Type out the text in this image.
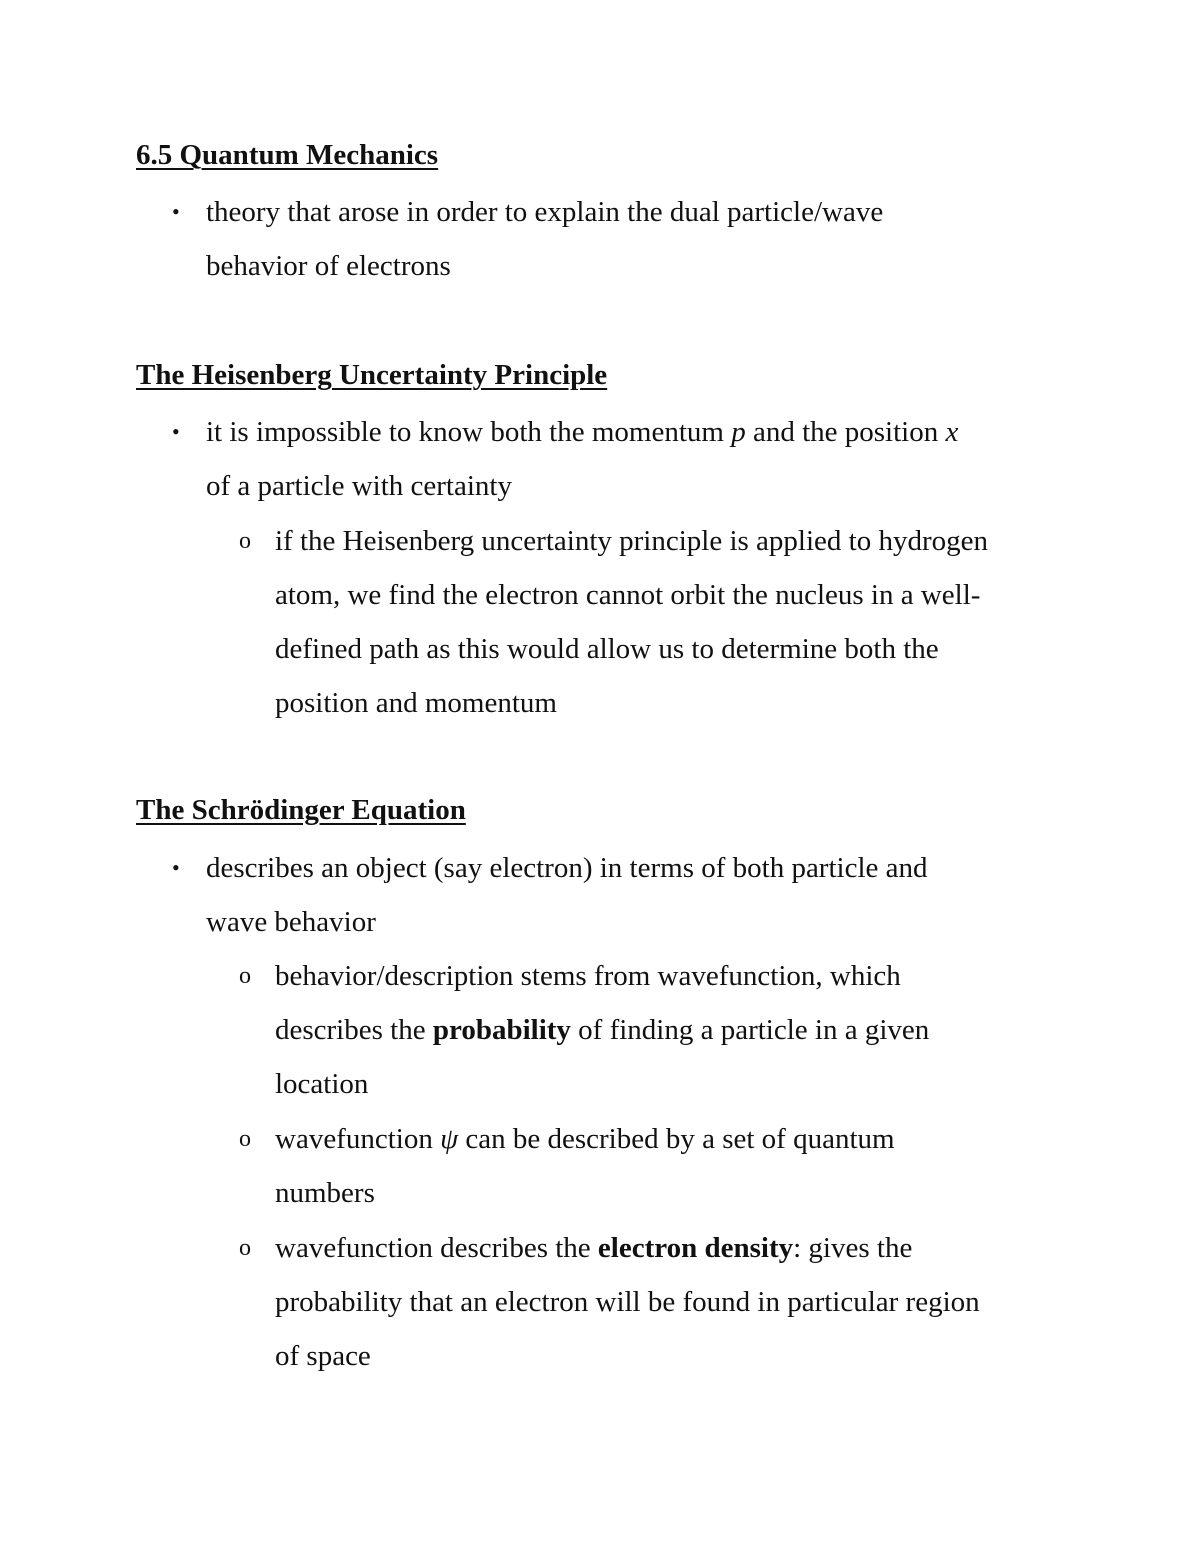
6.5 Quantum Mechanics
• theory that arose in order to explain the dual particle/wave
behavior of electrons
The Heisenberg Uncertainty Principle
• it is impossible to know both the momentum p and the position x
of a particle with certainty
o if the Heisenberg uncertainty principle is applied to hydrogen
atom, we find the electron cannot orbit the nucleus in a well-
defined path as this would allow us to determine both the
position and momentum
The Schrödinger Equation
• describes an object (say electron) in terms of both particle and
wave behavior
o behavior/description stems from wavefunction, which
describes the probability of finding a particle in a given
location
o wavefunction ψ can be described by a set of quantum
numbers
o wavefunction describes the electron density: gives the
probability that an electron will be found in particular region
of space
